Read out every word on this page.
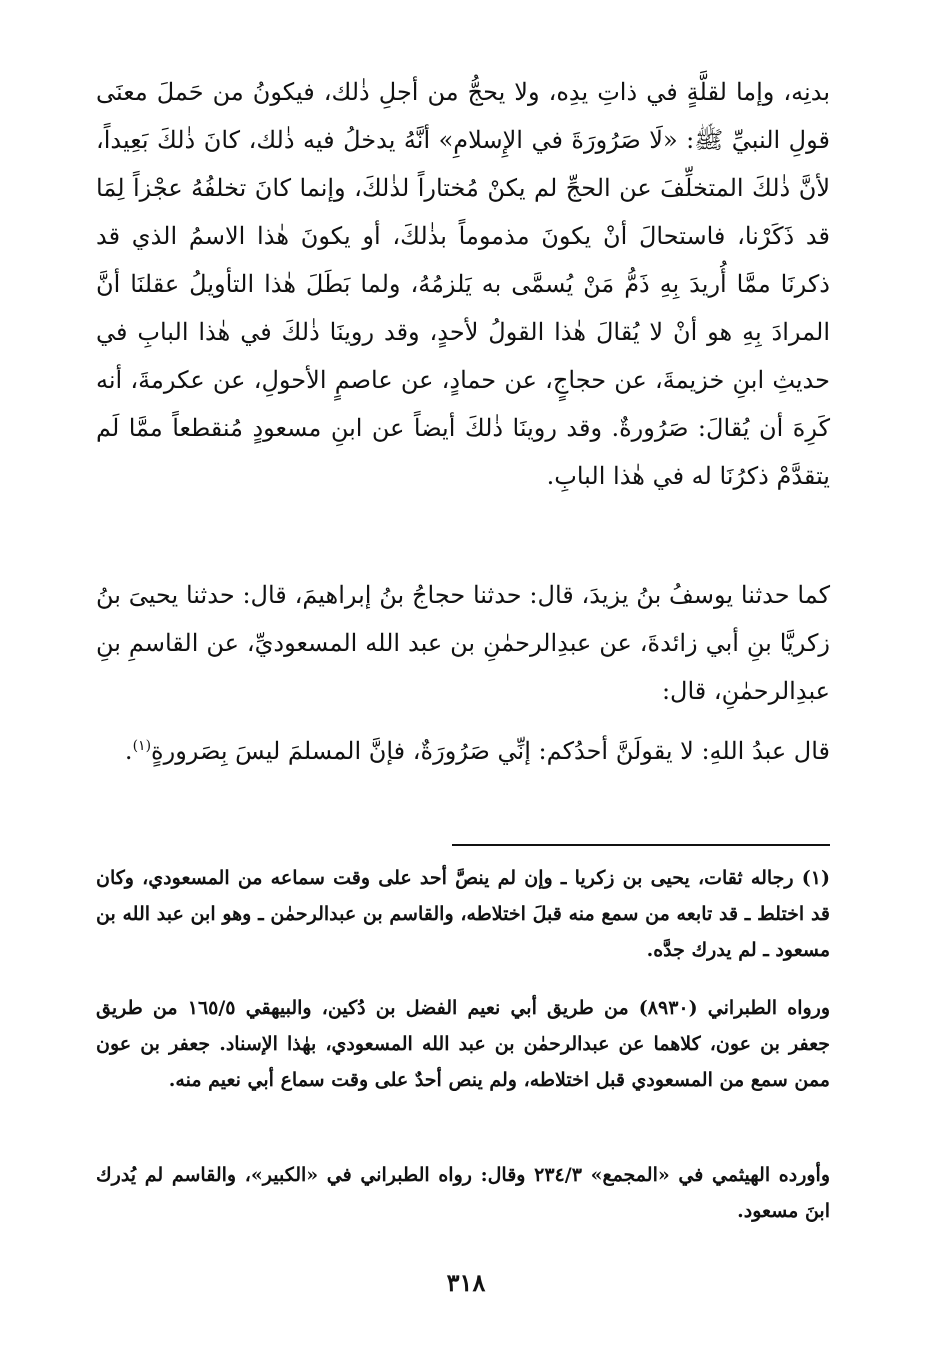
بدنِه، وإما لقلَّةٍ في ذاتِ يدِه، ولا يحجُّ من أجلِ ذٰلك، فيكونُ من حَملَ معنَى قولِ النبيِّ ﷺ: «لَا صَرُورَةَ في الإِسلامِ» أنَّهُ يدخلُ فيه ذٰلك، كانَ ذٰلكَ بَعِيداً، لأنَّ ذٰلكَ المتخلِّفَ عن الحجِّ لم يكنْ مُختاراً لذٰلكَ، وإنما كانَ تخلفُهُ عجْزاً لِمَا قد ذَكَرْنا، فاستحالَ أنْ يكونَ مذموماً بذٰلكَ، أو يكونَ هٰذا الاسمُ الذي قد ذكرنَا ممَّا أُريدَ بِهِ ذَمُّ مَنْ يُسمَّى به يَلزمُهُ، ولما بَطَلَ هٰذا التأويلُ عقلنَا أنَّ المرادَ بِهِ هو أنْ لا يُقالَ هٰذا القولُ لأحدٍ، وقد روينَا ذٰلكَ في هٰذا البابِ في حديثِ ابنِ خزيمةَ، عن حجاجٍ، عن حمادٍ، عن عاصمٍ الأحولِ، عن عكرمةَ، أنه كَرِهَ أن يُقالَ: صَرُورةٌ. وقد روينَا ذٰلكَ أيضاً عن ابنِ مسعودٍ مُنقطعاً ممَّا لَم يتقدَّمْ ذكرُنَا له في هٰذا البابِ.

كما حدثنا يوسفُ بنُ يزيدَ، قال: حدثنا حجاجُ بنُ إبراهيمَ، قال: حدثنا يحيىَ بنُ زكريَّا بنِ أبي زائدةَ، عن عبدِالرحمٰنِ بن عبد الله المسعوديِّ، عن القاسمِ بنِ عبدِالرحمٰنِ، قال:

قال عبدُ اللهِ: لا يقولَنَّ أحدُكم: إنِّي صَرُورَةٌ، فإنَّ المسلمَ ليسَ بِصَرورةٍ$^{(١)}$.

(١) رجاله ثقات، يحيى بن زكريا ـ وإن لم ينصَّ أحد على وقت سماعه من المسعودي، وكان قد اختلط ـ قد تابعه من سمع منه قبلَ اختلاطه، والقاسم بن عبدالرحمٰن ـ وهو ابن عبد الله بن مسعود ـ لم يدرك جدَّه.

ورواه الطبراني (٨٩٣٠) من طريق أبي نعيم الفضل بن دُكين، والبيهقي ١٦٥/٥ من طريق جعفر بن عون، كلاهما عن عبدالرحمٰن بن عبد الله المسعودي، بهٰذا الإسناد. جعفر بن عون ممن سمع من المسعودي قبل اختلاطه، ولم ينص أحدٌ على وقت سماع أبي نعيم منه.

وأورده الهيثمي في «المجمع» ٢٣٤/٣ وقال: رواه الطبراني في «الكبير»، والقاسم لم يُدرك ابنَ مسعود.

٣١٨
